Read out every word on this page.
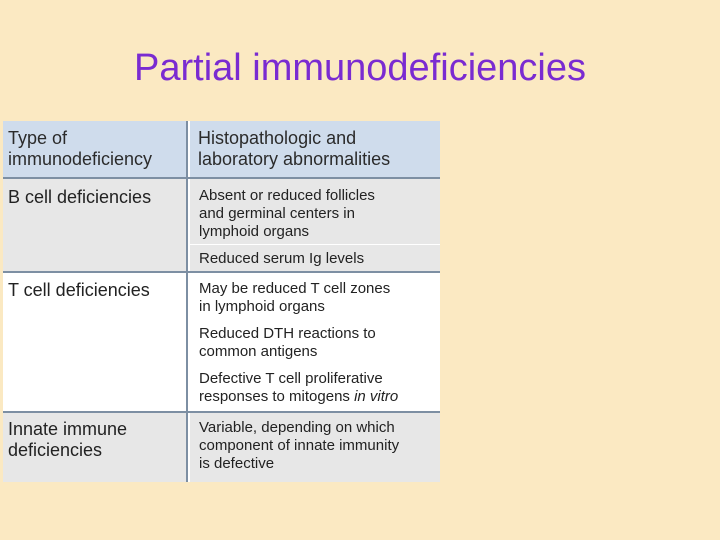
Partial immunodeficiencies
Type of
immunodeficiency
Histopathologic and
laboratory abnormalities
B cell deficiencies	Absent or reduced follicles
and germinal centers in
lymphoid organs
Reduced serum Ig levels
T cell deficiencies	May be reduced T cell zones
in lymphoid organs
Reduced DTH reactions to
common antigens
Defective T cell proliferative
responses to mitogens in vitro
Innate immune
deficiencies
Variable, depending on which
component of innate immunity
is defective
